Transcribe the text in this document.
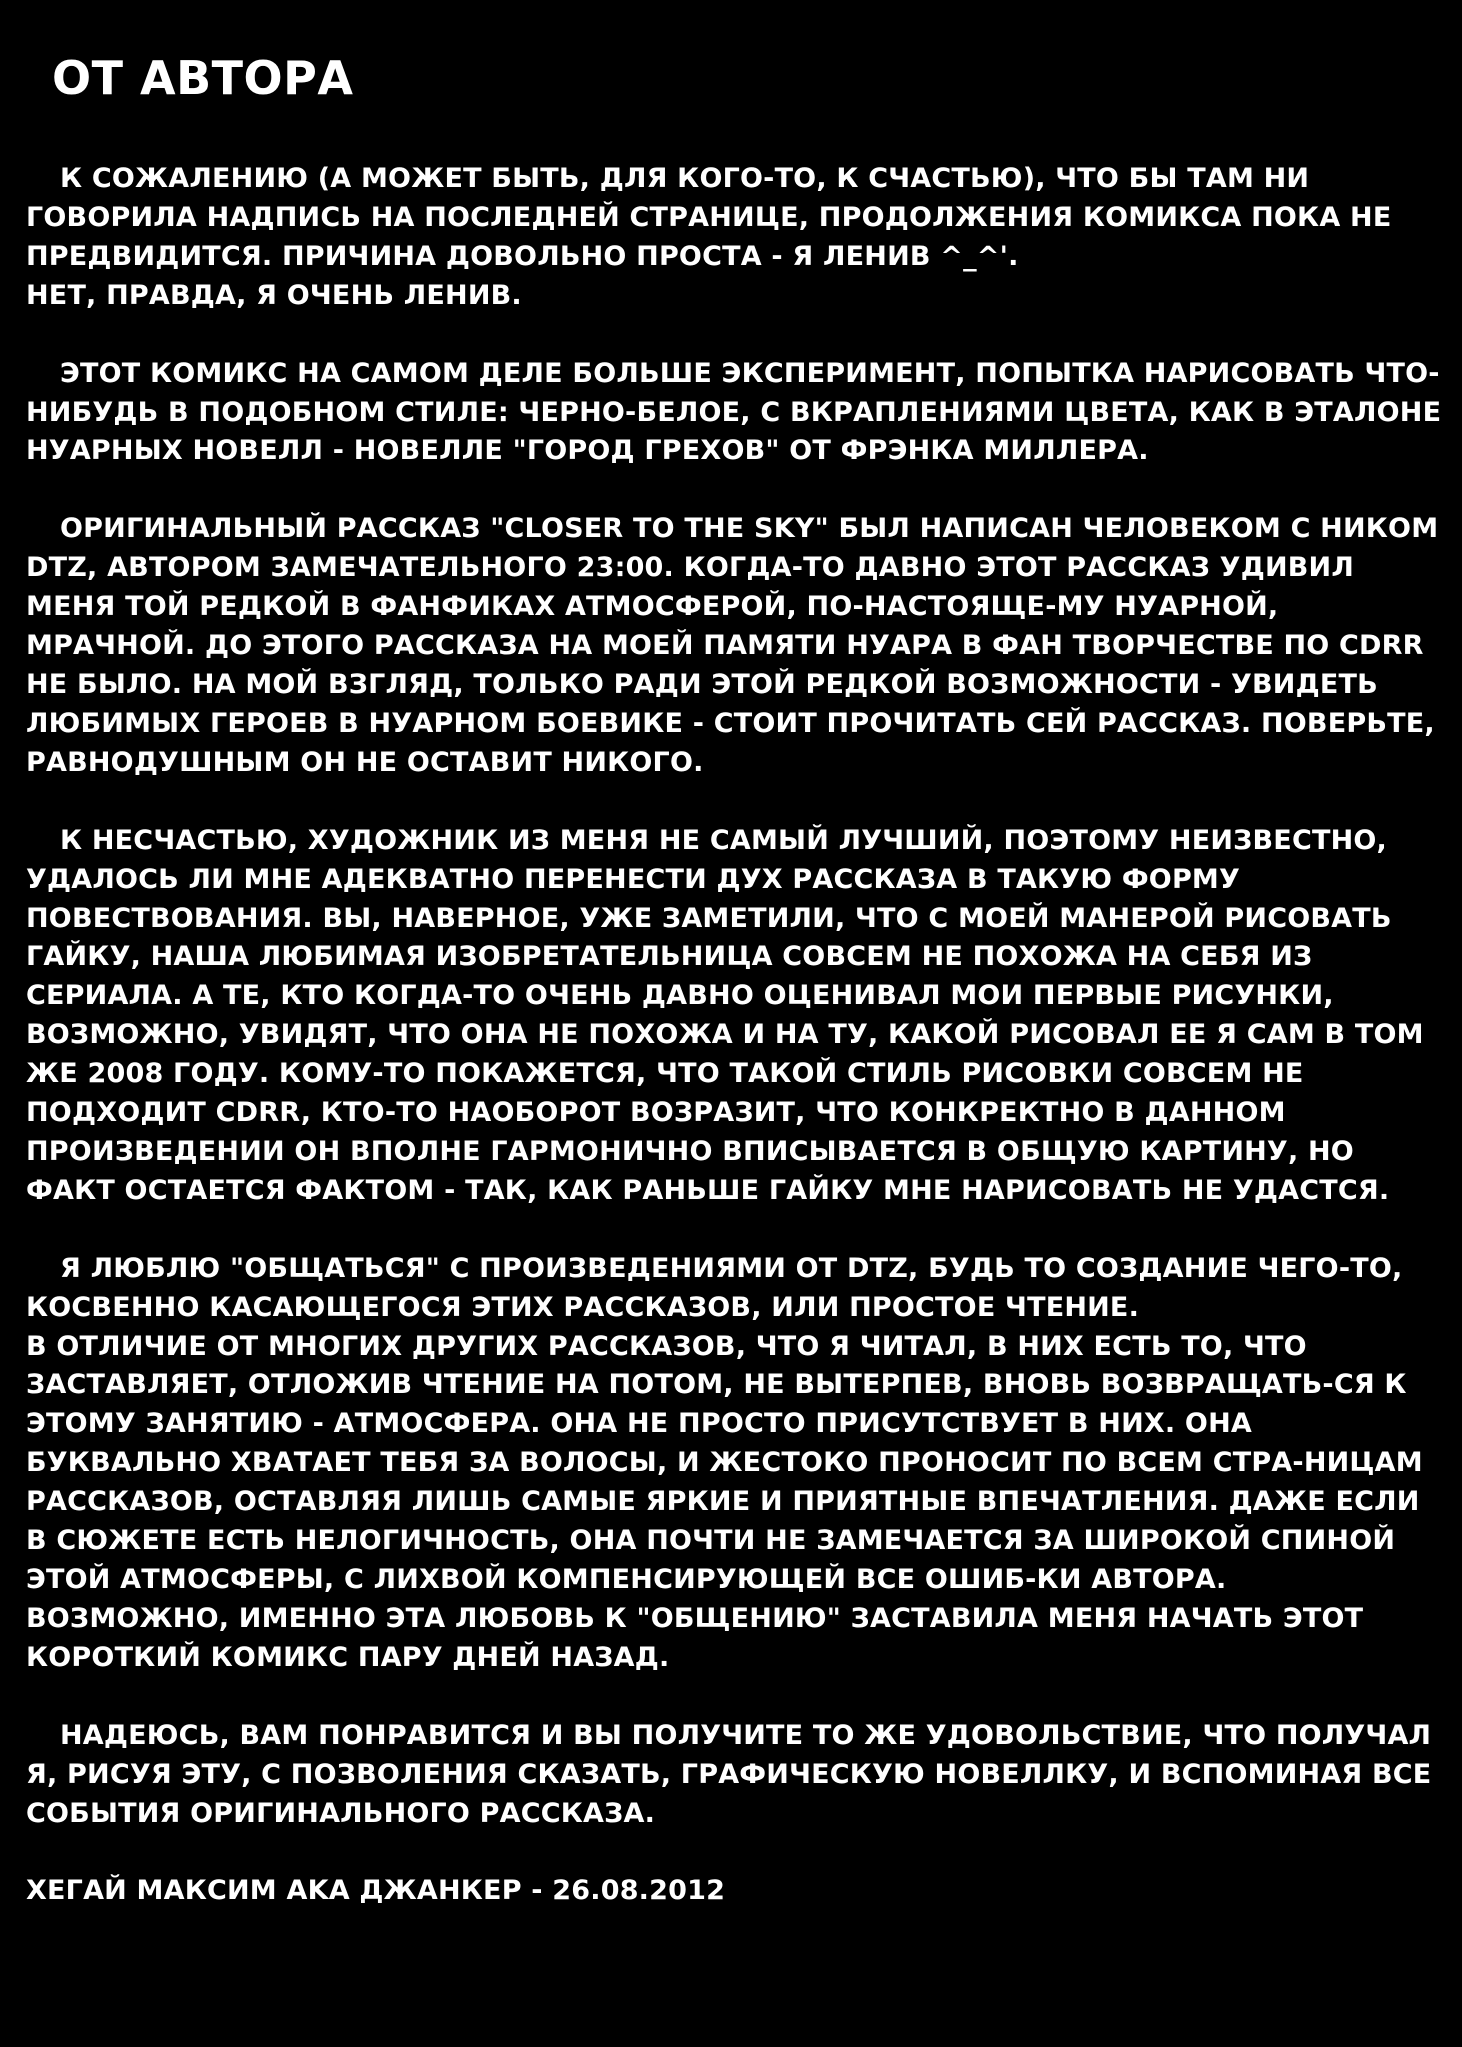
ОТ АВТОРА

К СОЖАЛЕНИЮ (А МОЖЕТ БЫТЬ, ДЛЯ КОГО-ТО, К СЧАСТЬЮ), ЧТО БЫ ТАМ НИ ГОВОРИЛА НАДПИСЬ НА ПОСЛЕДНЕЙ СТРАНИЦЕ, ПРОДОЛЖЕНИЯ КОМИКСА ПОКА НЕ ПРЕДВИДИТСЯ. ПРИЧИНА ДОВОЛЬНО ПРОСТА - Я ЛЕНИВ ^_^'.
НЕТ, ПРАВДА, Я ОЧЕНЬ ЛЕНИВ.

ЭТОТ КОМИКС НА САМОМ ДЕЛЕ БОЛЬШЕ ЭКСПЕРИМЕНТ, ПОПЫТКА НАРИСОВАТЬ ЧТО-НИБУДЬ В ПОДОБНОМ СТИЛЕ: ЧЕРНО-БЕЛОЕ, С ВКРАПЛЕНИЯМИ ЦВЕТА, КАК В ЭТАЛОНЕ НУАРНЫХ НОВЕЛЛ - НОВЕЛЛЕ "ГОРОД ГРЕХОВ" ОТ ФРЭНКА МИЛЛЕРА.

ОРИГИНАЛЬНЫЙ РАССКАЗ "CLOSER TO THE SKY" БЫЛ НАПИСАН ЧЕЛОВЕКОМ С НИКОМ DTZ, АВТОРОМ ЗАМЕЧАТЕЛЬНОГО 23:00. КОГДА-ТО ДАВНО ЭТОТ РАССКАЗ УДИВИЛ МЕНЯ ТОЙ РЕДКОЙ В ФАНФИКАХ АТМОСФЕРОЙ, ПО-НАСТОЯЩЕ-МУ НУАРНОЙ, МРАЧНОЙ. ДО ЭТОГО РАССКАЗА НА МОЕЙ ПАМЯТИ НУАРА В ФАН ТВОРЧЕСТВЕ ПО CDRR НЕ БЫЛО. НА МОЙ ВЗГЛЯД, ТОЛЬКО РАДИ ЭТОЙ РЕДКОЙ ВОЗМОЖНОСТИ - УВИДЕТЬ ЛЮБИМЫХ ГЕРОЕВ В НУАРНОМ БОЕВИКЕ - СТОИТ ПРОЧИТАТЬ СЕЙ РАССКАЗ. ПОВЕРЬТЕ, РАВНОДУШНЫМ ОН НЕ ОСТАВИТ НИКОГО.

К НЕСЧАСТЬЮ, ХУДОЖНИК ИЗ МЕНЯ НЕ САМЫЙ ЛУЧШИЙ, ПОЭТОМУ НЕИЗВЕСТНО, УДАЛОСЬ ЛИ МНЕ АДЕКВАТНО ПЕРЕНЕСТИ ДУХ РАССКАЗА В ТАКУЮ ФОРМУ ПОВЕСТВОВАНИЯ. ВЫ, НАВЕРНОЕ, УЖЕ ЗАМЕТИЛИ, ЧТО С МОЕЙ МАНЕРОЙ РИСОВАТЬ ГАЙКУ, НАША ЛЮБИМАЯ ИЗОБРЕТАТЕЛЬНИЦА СОВСЕМ НЕ ПОХОЖА НА СЕБЯ ИЗ СЕРИАЛА. А ТЕ, КТО КОГДА-ТО ОЧЕНЬ ДАВНО ОЦЕНИВАЛ МОИ ПЕРВЫЕ РИСУНКИ, ВОЗМОЖНО, УВИДЯТ, ЧТО ОНА НЕ ПОХОЖА И НА ТУ, КАКОЙ РИСОВАЛ ЕЕ Я САМ В ТОМ ЖЕ 2008 ГОДУ. КОМУ-ТО ПОКАЖЕТСЯ, ЧТО ТАКОЙ СТИЛЬ РИСОВКИ СОВСЕМ НЕ ПОДХОДИТ CDRR, КТО-ТО НАОБОРОТ ВОЗРАЗИТ, ЧТО КОНКРЕКТНО В ДАННОМ ПРОИЗВЕДЕНИИ ОН ВПОЛНЕ ГАРМОНИЧНО ВПИСЫВАЕТСЯ В ОБЩУЮ КАРТИНУ, НО ФАКТ ОСТАЕТСЯ ФАКТОМ - ТАК, КАК РАНЬШЕ ГАЙКУ МНЕ НАРИСОВАТЬ НЕ УДАСТСЯ.

Я ЛЮБЛЮ "ОБЩАТЬСЯ" С ПРОИЗВЕДЕНИЯМИ ОТ DTZ, БУДЬ ТО СОЗДАНИЕ ЧЕГО-ТО, КОСВЕННО КАСАЮЩЕГОСЯ ЭТИХ РАССКАЗОВ, ИЛИ ПРОСТОЕ ЧТЕНИЕ.
В ОТЛИЧИЕ ОТ МНОГИХ ДРУГИХ РАССКАЗОВ, ЧТО Я ЧИТАЛ, В НИХ ЕСТЬ ТО, ЧТО ЗАСТАВЛЯЕТ, ОТЛОЖИВ ЧТЕНИЕ НА ПОТОМ, НЕ ВЫТЕРПЕВ, ВНОВЬ ВОЗВРАЩАТЬ-СЯ К ЭТОМУ ЗАНЯТИЮ - АТМОСФЕРА. ОНА НЕ ПРОСТО ПРИСУТСТВУЕТ В НИХ. ОНА БУКВАЛЬНО ХВАТАЕТ ТЕБЯ ЗА ВОЛОСЫ, И ЖЕСТОКО ПРОНОСИТ ПО ВСЕМ СТРА-НИЦАМ РАССКАЗОВ, ОСТАВЛЯЯ ЛИШЬ САМЫЕ ЯРКИЕ И ПРИЯТНЫЕ ВПЕЧАТЛЕНИЯ. ДАЖЕ ЕСЛИ В СЮЖЕТЕ ЕСТЬ НЕЛОГИЧНОСТЬ, ОНА ПОЧТИ НЕ ЗАМЕЧАЕТСЯ ЗА ШИРОКОЙ СПИНОЙ ЭТОЙ АТМОСФЕРЫ, С ЛИХВОЙ КОМПЕНСИРУЮЩЕЙ ВСЕ ОШИБ-КИ АВТОРА.

ВОЗМОЖНО, ИМЕННО ЭТА ЛЮБОВЬ К "ОБЩЕНИЮ" ЗАСТАВИЛА МЕНЯ НАЧАТЬ ЭТОТ КОРОТКИЙ КОМИКС ПАРУ ДНЕЙ НАЗАД.

НАДЕЮСЬ, ВАМ ПОНРАВИТСЯ И ВЫ ПОЛУЧИТЕ ТО ЖЕ УДОВОЛЬСТВИЕ, ЧТО ПОЛУЧАЛ Я, РИСУЯ ЭТУ, С ПОЗВОЛЕНИЯ СКАЗАТЬ, ГРАФИЧЕСКУЮ НОВЕЛЛКУ, И ВСПОМИНАЯ ВСЕ СОБЫТИЯ ОРИГИНАЛЬНОГО РАССКАЗА.

ХЕГАЙ МАКСИМ AKA ДЖАНКЕР - 26.08.2012
